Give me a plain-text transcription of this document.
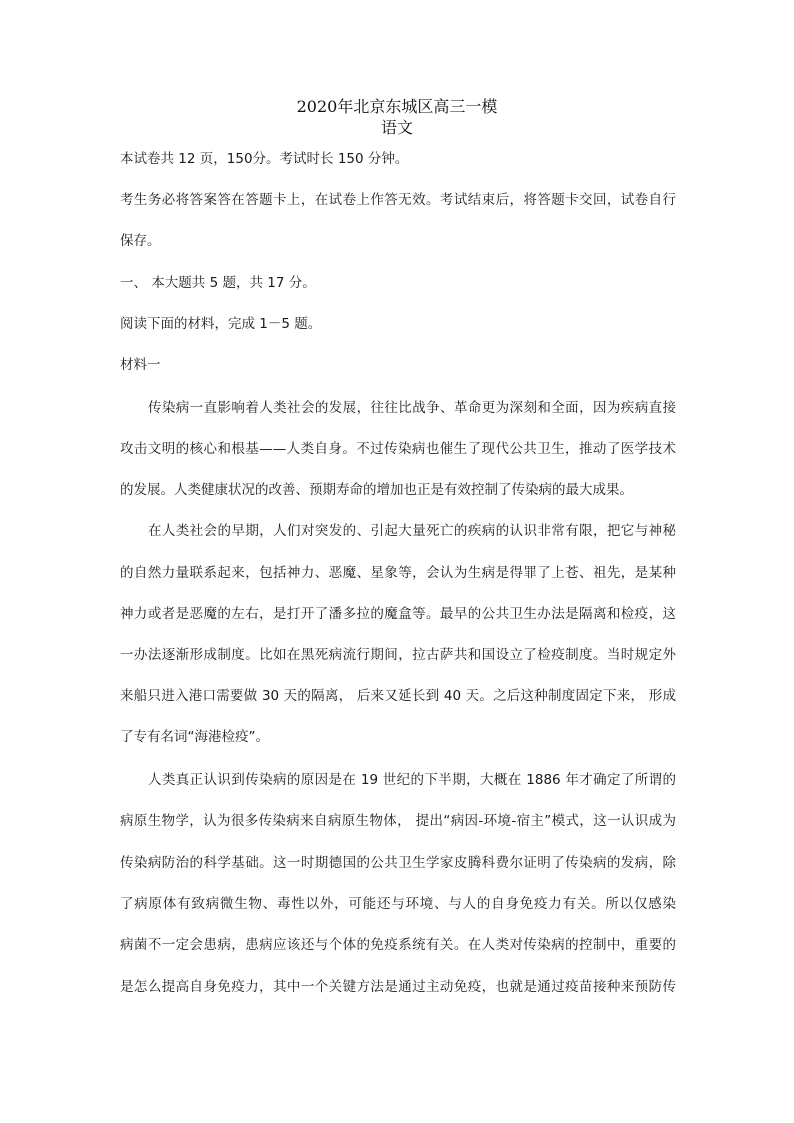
2020年北京东城区高三一模
语文
本试卷共 12 页，150分。考试时长 150 分钟。
考生务必将答案答在答题卡上，在试卷上作答无效。考试结束后，将答题卡交回，试卷自行
保存。
一、 本大题共 5 题，共 17 分。
阅读下面的材料，完成 1－5 题。
材料一
传染病一直影响着人类社会的发展，往往比战争、革命更为深刻和全面，因为疾病直接
攻击文明的核心和根基——人类自身。不过传染病也催生了现代公共卫生，推动了医学技术
的发展。人类健康状况的改善、预期寿命的增加也正是有效控制了传染病的最大成果。
在人类社会的早期，人们对突发的、引起大量死亡的疾病的认识非常有限，把它与神秘
的自然力量联系起来，包括神力、恶魔、星象等，会认为生病是得罪了上苍、祖先，是某种
神力或者是恶魔的左右，是打开了潘多拉的魔盒等。最早的公共卫生办法是隔离和检疫，这
一办法逐渐形成制度。比如在黑死病流行期间，拉古萨共和国设立了检疫制度。当时规定外
来船只进入港口需要做 30 天的隔离， 后来又延长到 40 天。之后这种制度固定下来， 形成
了专有名词“海港检疫”。
人类真正认识到传染病的原因是在 19 世纪的下半期，大概在 1886 年才确定了所谓的
病原生物学，认为很多传染病来自病原生物体， 提出“病因-环境-宿主”模式，这一认识成为
传染病防治的科学基础。这一时期德国的公共卫生学家皮腾科费尔证明了传染病的发病，除
了病原体有致病微生物、毒性以外，可能还与环境、与人的自身免疫力有关。所以仅感染
病菌不一定会患病，患病应该还与个体的免疫系统有关。在人类对传染病的控制中，重要的
是怎么提高自身免疫力，其中一个关键方法是通过主动免疫，也就是通过疫苗接种来预防传
